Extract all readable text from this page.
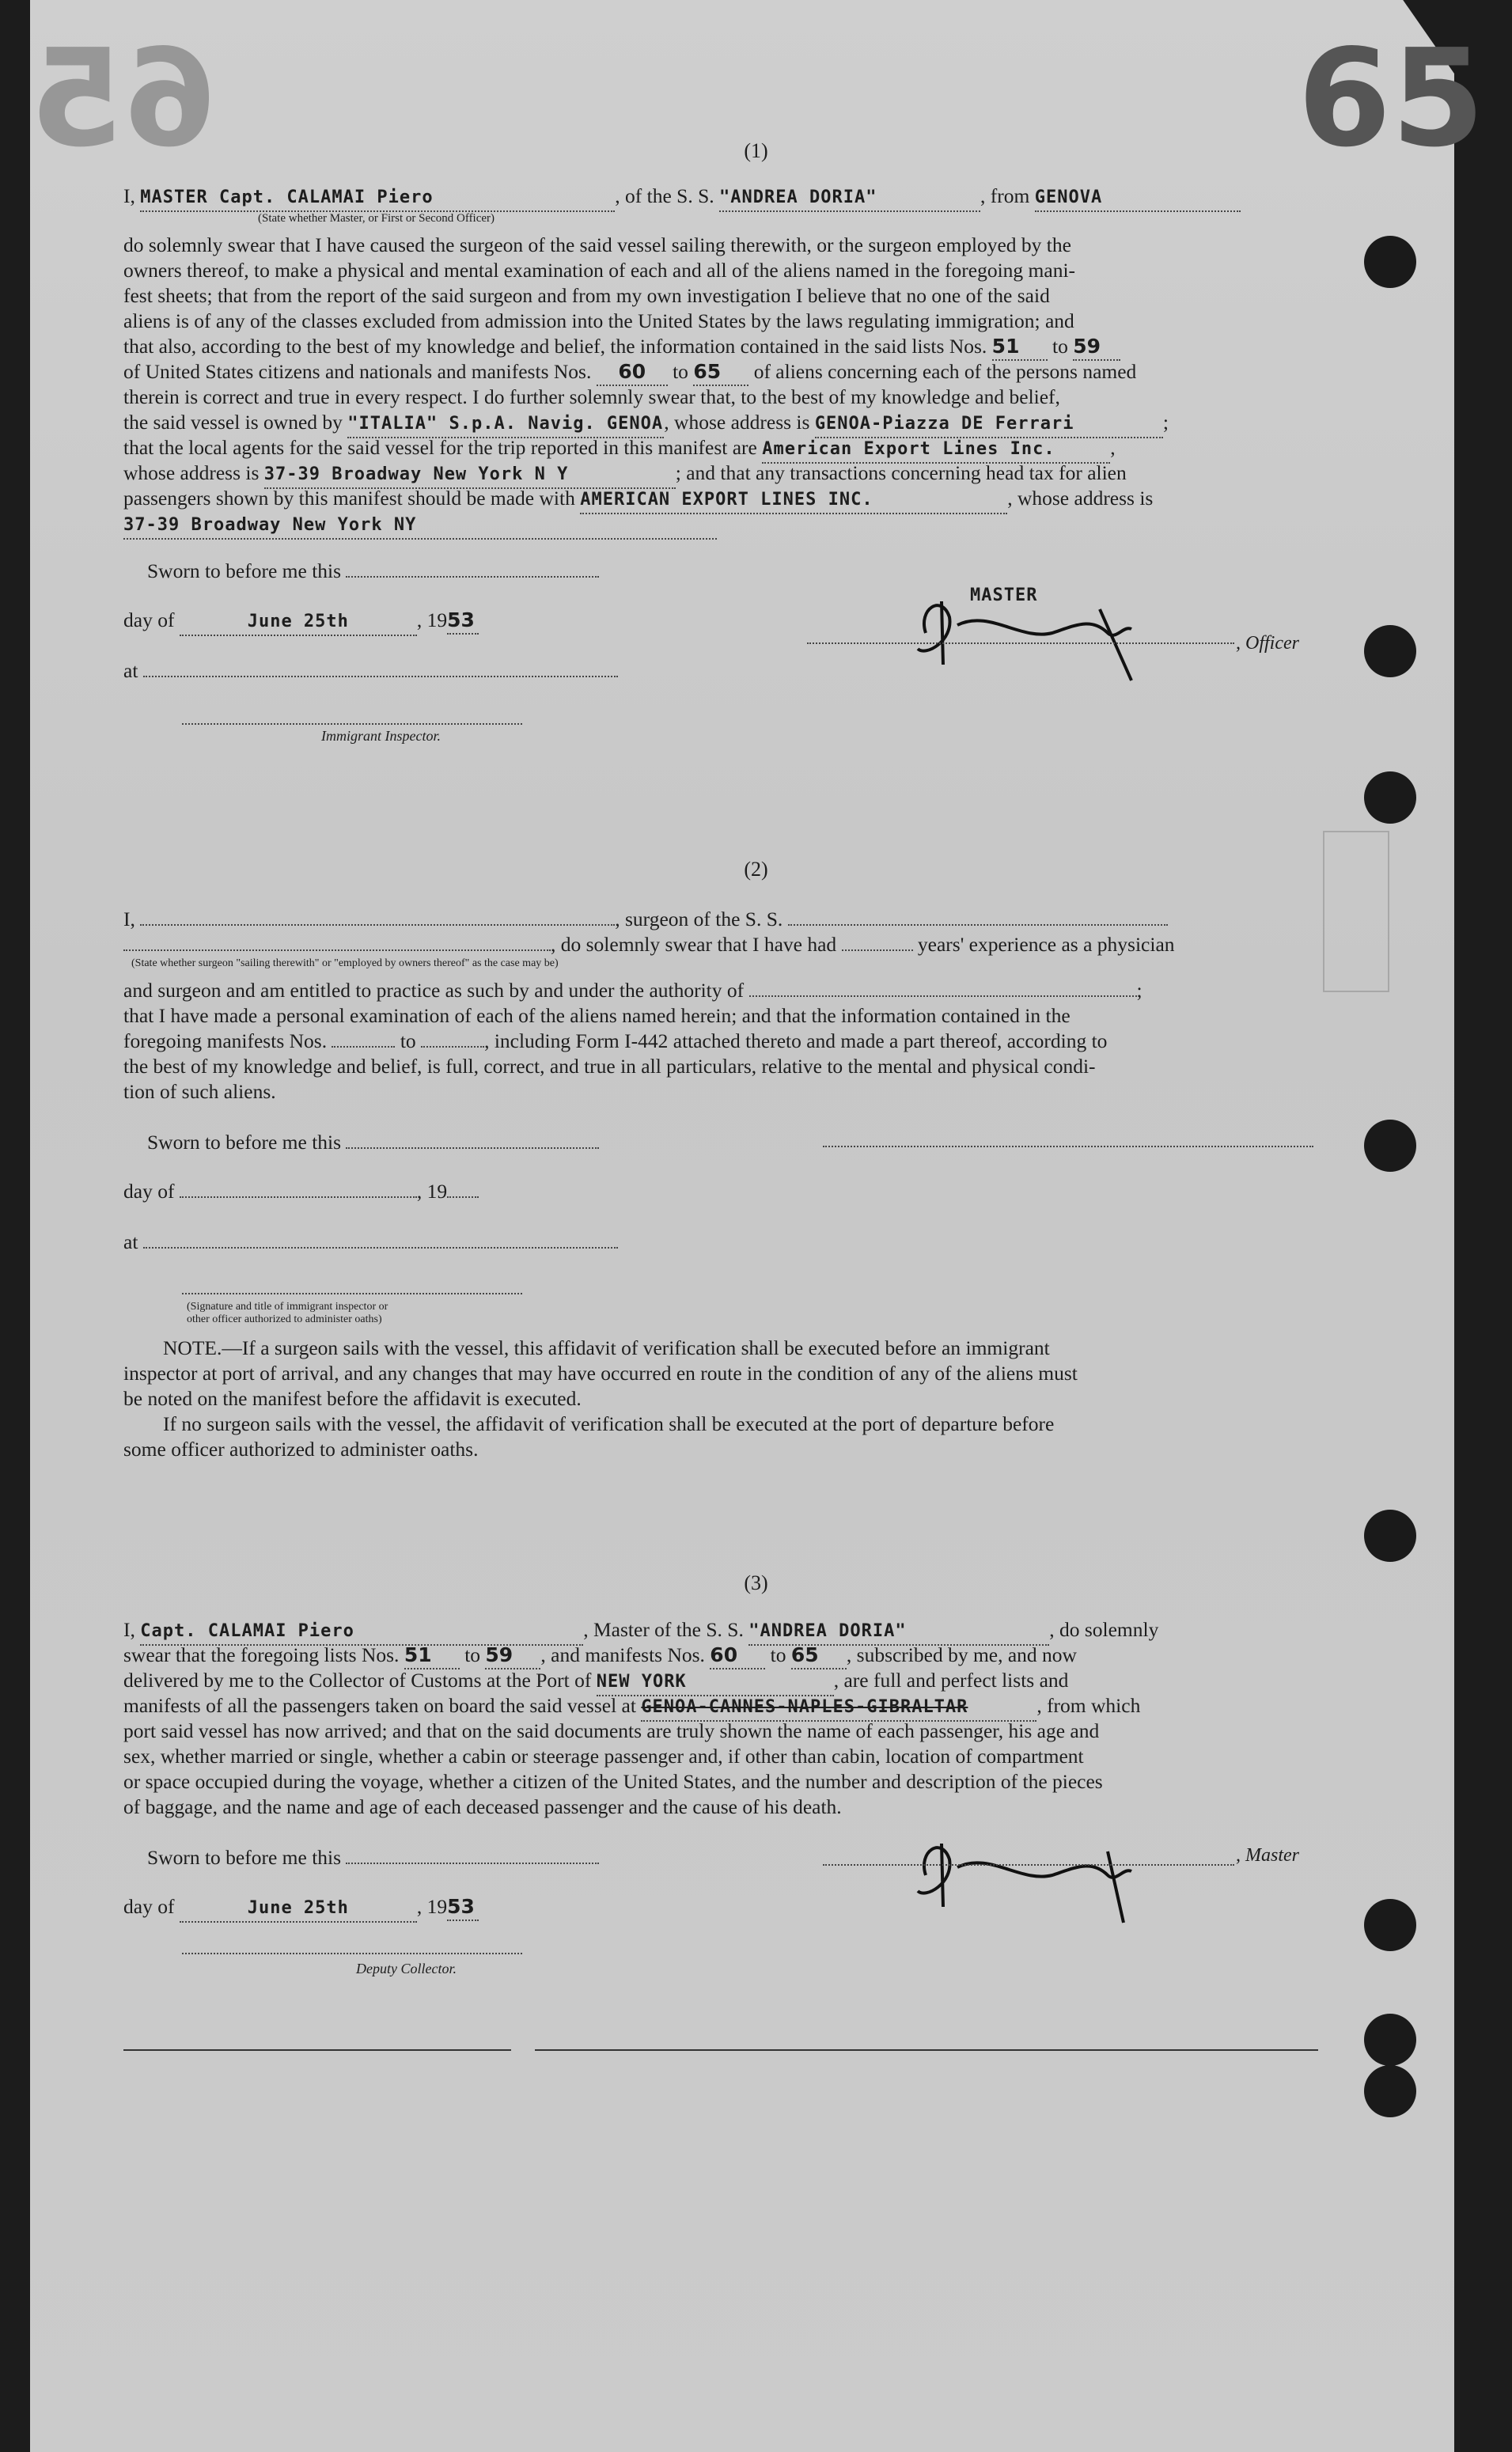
65	65
(1)
I, MASTER Capt. CALAMAI Piero	, of the S. S. "ANDREA DORIA"	, from GENOVA
(State whether Master, or First or Second Officer)
do solemnly swear that I have caused the surgeon of the said vessel sailing therewith, or the surgeon employed by the
owners thereof, to make a physical and mental examination of each and all of the aliens named in the foregoing mani-
fest sheets; that from the report of the said surgeon and from my own investigation I believe that no one of the said
aliens is of any of the classes excluded from admission into the United States by the laws regulating immigration; and
that also, according to the best of my knowledge and belief, the information contained in the said lists Nos. 51 to 59
of United States citizens and nationals and manifests Nos. 60 to 65 of aliens concerning each of the persons named
therein is correct and true in every respect. I do further solemnly swear that, to the best of my knowledge and belief,
the said vessel is owned by "ITALIA" S.p.A. Navig. GENOA, whose address is GENOA-Piazza DE Ferrari	;
that the local agents for the said vessel for the trip reported in this manifest are American Export Lines Inc.	,
whose address is 37-39 Broadway New York N Y	; and that any transactions concerning head tax for alien
passengers shown by this manifest should be made with AMERICAN EXPORT LINES INC.	, whose address is
37-39 Broadway New York NY
Sworn to before me this
day of	June 25th	, 1953
at
Immigrant Inspector.
MASTER
, Officer
(2)
I,	, surgeon of the S. S.
, do solemnly swear that I have had	years' experience as a physician
(State whether surgeon "sailing therewith" or "employed by owners thereof" as the case may be)
and surgeon and am entitled to practice as such by and under the authority of	;
that I have made a personal examination of each of the aliens named herein; and that the information contained in the
foregoing manifests Nos.	to	, including Form I-442 attached thereto and made a part thereof, according to
the best of my knowledge and belief, is full, correct, and true in all particulars, relative to the mental and physical condi-
tion of such aliens.
Sworn to before me this
day of	, 19
at
(Signature and title of immigrant inspector or
other officer authorized to administer oaths)
NOTE.—If a surgeon sails with the vessel, this affidavit of verification shall be executed before an immigrant
inspector at port of arrival, and any changes that may have occurred en route in the condition of any of the aliens must
be noted on the manifest before the affidavit is executed.
If no surgeon sails with the vessel, the affidavit of verification shall be executed at the port of departure before
some officer authorized to administer oaths.
(3)
I, Capt. CALAMAI Piero	, Master of the S. S. "ANDREA DORIA"	, do solemnly
swear that the foregoing lists Nos. 51 to 59 , and manifests Nos. 60 to 65 , subscribed by me, and now
delivered by me to the Collector of Customs at the Port of NEW YORK	, are full and perfect lists and
manifests of all the passengers taken on board the said vessel at GENOA-CANNES-NAPLES-GIBRALTAR	, from which
port said vessel has now arrived; and that on the said documents are truly shown the name of each passenger, his age and
sex, whether married or single, whether a cabin or steerage passenger and, if other than cabin, location of compartment
or space occupied during the voyage, whether a citizen of the United States, and the number and description of the pieces
of baggage, and the name and age of each deceased passenger and the cause of his death.
Sworn to before me this	, Master
day of	June 25th	, 1953
Deputy Collector.
